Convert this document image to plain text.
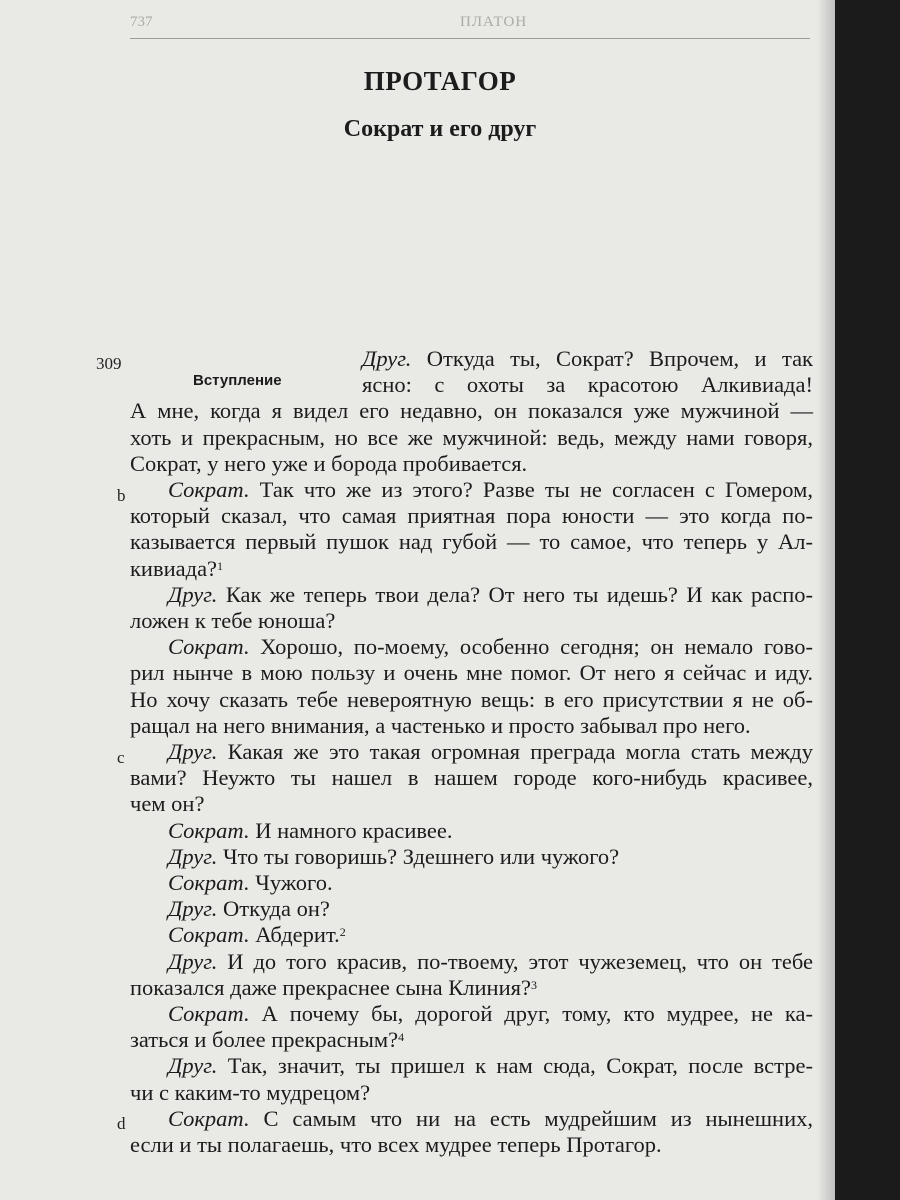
737	ПЛАТОН
ПРОТАГОР
Сократ и его друг
Вступление
309
b
c
d
Друг. Откуда ты, Сократ? Впрочем, и так
ясно: с охоты за красотою Алкивиада!
А мне, когда я видел его недавно, он показался уже мужчиной —
хоть и прекрасным, но все же мужчиной: ведь, между нами говоря,
Сократ, у него уже и борода пробивается.
Сократ. Так что же из этого? Разве ты не согласен с Гомером,
который сказал, что самая приятная пора юности — это когда по-
казывается первый пушок над губой — то самое, что теперь у Ал-
кивиада?$^1$
Друг. Как же теперь твои дела? От него ты идешь? И как распо-
ложен к тебе юноша?
Сократ. Хорошо, по-моему, особенно сегодня; он немало гово-
рил нынче в мою пользу и очень мне помог. От него я сейчас и иду.
Но хочу сказать тебе невероятную вещь: в его присутствии я не об-
ращал на него внимания, а частенько и просто забывал про него.
Друг. Какая же это такая огромная преграда могла стать между
вами? Неужто ты нашел в нашем городе кого-нибудь красивее,
чем он?
Сократ. И намного красивее.
Друг. Что ты говоришь? Здешнего или чужого?
Сократ. Чужого.
Друг. Откуда он?
Сократ. Абдерит.$^2$
Друг. И до того красив, по-твоему, этот чужеземец, что он тебе
показался даже прекраснее сына Клиния?$^3$
Сократ. А почему бы, дорогой друг, тому, кто мудрее, не ка-
заться и более прекрасным?$^4$
Друг. Так, значит, ты пришел к нам сюда, Сократ, после встре-
чи с каким-то мудрецом?
Сократ. С самым что ни на есть мудрейшим из нынешних,
если и ты полагаешь, что всех мудрее теперь Протагор.
